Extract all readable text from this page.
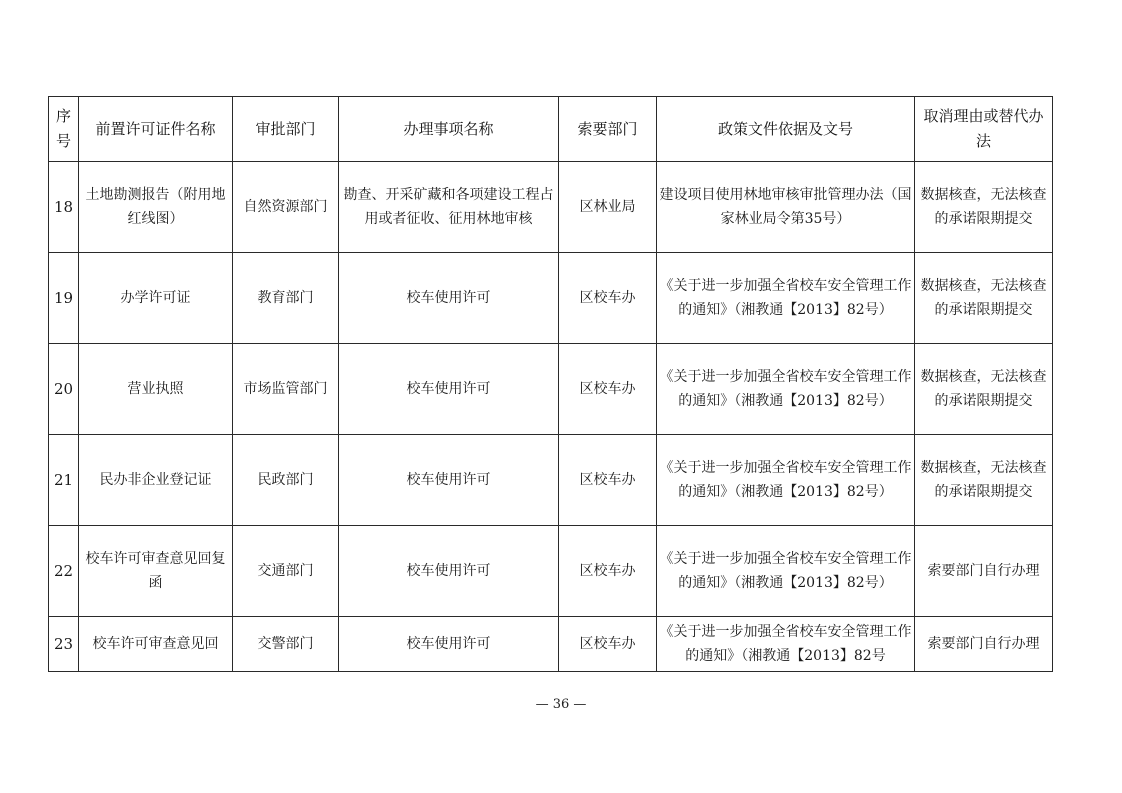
序号	前置许可证件名称	审批部门	办理事项名称	索要部门	政策文件依据及文号	取消理由或替代办法
18	土地勘测报告（附用地红线图）	自然资源部门	勘查、开采矿藏和各项建设工程占用或者征收、征用林地审核	区林业局	建设项目使用林地审核审批管理办法（国家林业局令第35号）	数据核查，无法核查的承诺限期提交
19	办学许可证	教育部门	校车使用许可	区校车办	《关于进一步加强全省校车安全管理工作的通知》（湘教通【2013】82号）	数据核查，无法核查的承诺限期提交
20	营业执照	市场监管部门	校车使用许可	区校车办	《关于进一步加强全省校车安全管理工作的通知》（湘教通【2013】82号）	数据核查，无法核查的承诺限期提交
21	民办非企业登记证	民政部门	校车使用许可	区校车办	《关于进一步加强全省校车安全管理工作的通知》（湘教通【2013】82号）	数据核查，无法核查的承诺限期提交
22	校车许可审查意见回复函	交通部门	校车使用许可	区校车办	《关于进一步加强全省校车安全管理工作的通知》（湘教通【2013】82号）	索要部门自行办理
23	校车许可审查意见回	交警部门	校车使用许可	区校车办	《关于进一步加强全省校车安全管理工作的通知》（湘教通【2013】82号	索要部门自行办理
— 36 —
